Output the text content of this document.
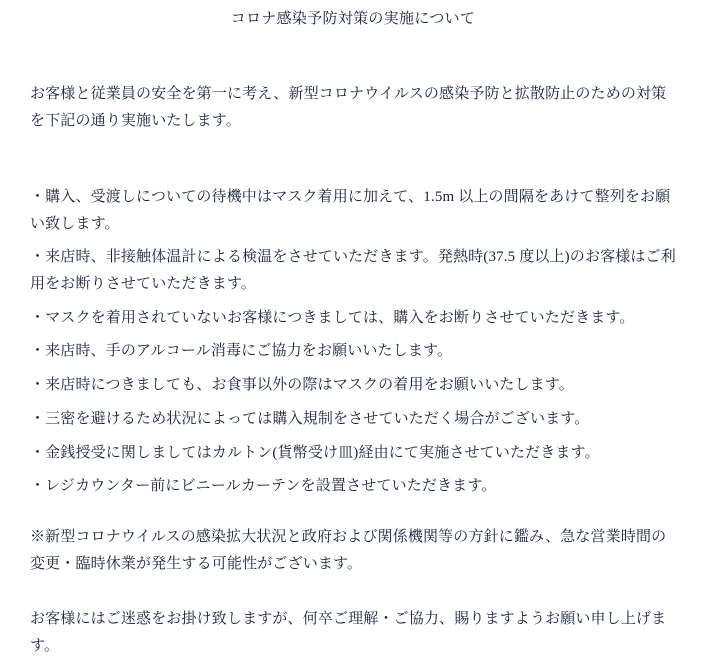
コロナ感染予防対策の実施について

お客様と従業員の安全を第一に考え、新型コロナウイルスの感染予防と拡散防止のための対策を下記の通り実施いたします。

・購入、受渡しについての待機中はマスク着用に加えて、1.5m 以上の間隔をあけて整列をお願い致します。
・来店時、非接触体温計による検温をさせていただきます。発熱時(37.5 度以上)のお客様はご利用をお断りさせていただきます。
・マスクを着用されていないお客様につきましては、購入をお断りさせていただきます。
・来店時、手のアルコール消毒にご協力をお願いいたします。
・来店時につきましても、お食事以外の際はマスクの着用をお願いいたします。
・三密を避けるため状況によっては購入規制をさせていただく場合がございます。
・金銭授受に関しましてはカルトン(貨幣受け皿)経由にて実施させていただきます。
・レジカウンター前にビニールカーテンを設置させていただきます。

※新型コロナウイルスの感染拡大状況と政府および関係機関等の方針に鑑み、急な営業時間の変更・臨時休業が発生する可能性がございます。

お客様にはご迷惑をお掛け致しますが、何卒ご理解・ご協力、賜りますようお願い申し上げます。
